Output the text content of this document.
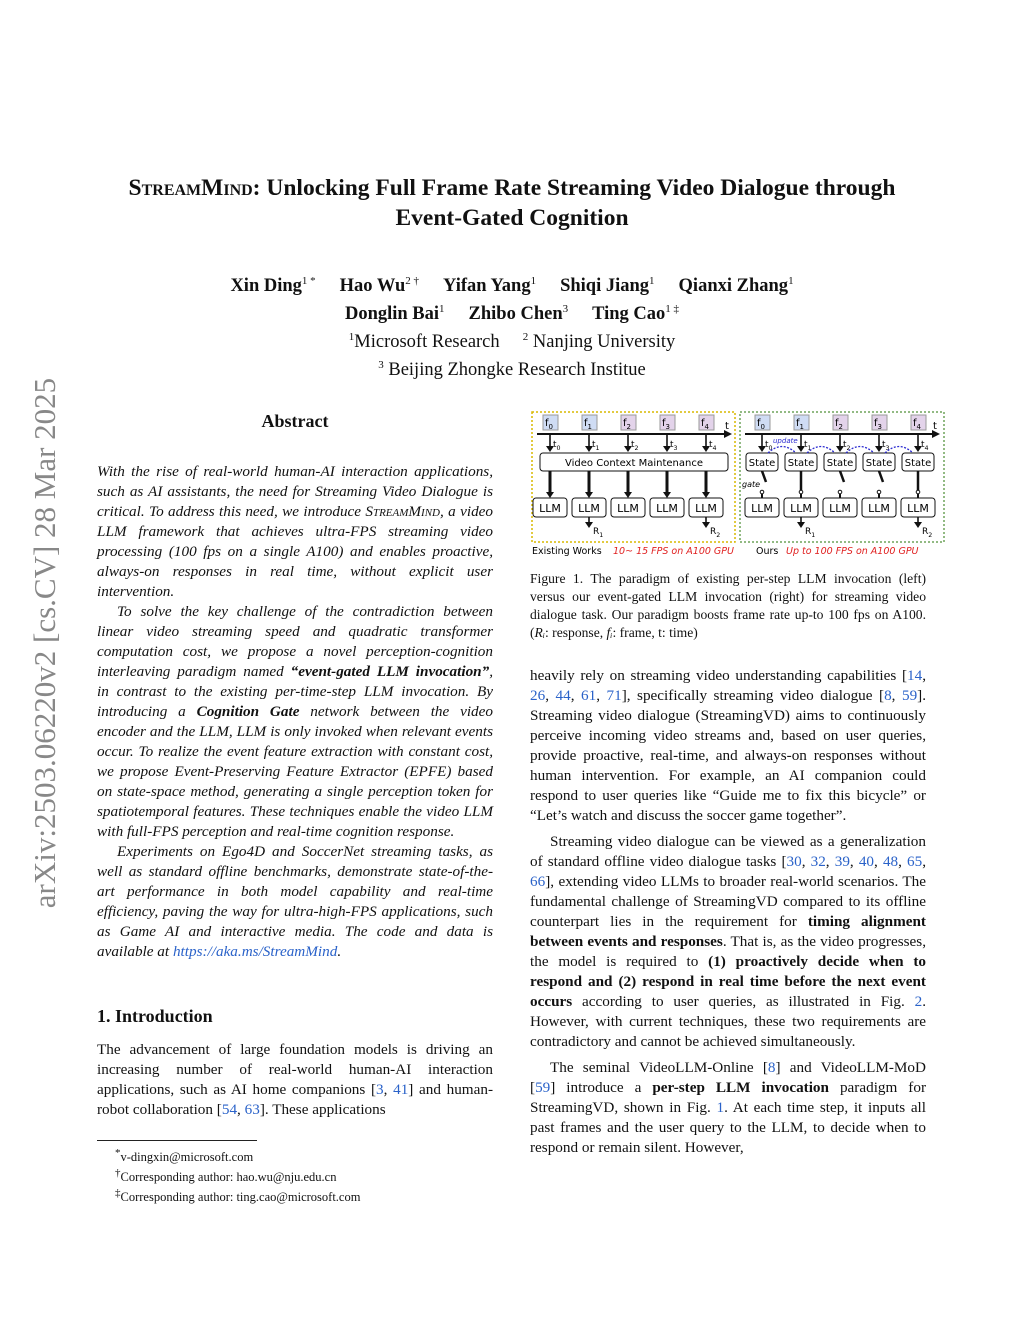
arXiv:2503.06220v2 [cs.CV] 28 Mar 2025
StreamMind: Unlocking Full Frame Rate Streaming Video Dialogue through
Event-Gated Cognition
Xin Ding$^{1 *}$ Hao $Wu^{2 \dagger}$ Yifan Yang$^1$ Shiqi Jiang$^1$ Qianxi Zhang$^1$
Donglin Bai$^1$ Zhibo Chen$^3$ Ting Cao$^{1 \ddagger}$
$^1$Microsoft Research $^2$ Nanjing University
$^3$ Beijing Zhongke Research Institue
Abstract

With the rise of real-world human-AI interaction applications, such as AI assistants, the need for Streaming Video Dialogue is critical. To address this need, we introduce StreamMind, a video LLM framework that achieves ultra-FPS streaming video processing (100 fps on a single A100) and enables proactive, always-on responses in real time, without explicit user intervention.

To solve the key challenge of the contradiction between linear video streaming speed and quadratic transformer computation cost, we propose a novel perception-cognition interleaving paradigm named “event-gated LLM invocation”, in contrast to the existing per-time-step LLM invocation. By introducing a Cognition Gate network between the video encoder and the LLM, LLM is only invoked when relevant events occur. To realize the event feature extraction with constant cost, we propose Event-Preserving Feature Extractor (EPFE) based on state-space method, generating a single perception token for spatiotemporal features. These techniques enable the video LLM with full-FPS perception and real-time cognition response.

Experiments on Ego4D and SoccerNet streaming tasks, as well as standard offline benchmarks, demonstrate state-of-the-art performance in both model capability and real-time efficiency, paving the way for ultra-high-FPS applications, such as Game AI and interactive media. The code and data is available at https://aka.ms/StreamMind.

1. Introduction

The advancement of large foundation models is driving an increasing number of real-world human-AI interaction applications, such as AI home companions [3, 41] and human-robot collaboration [54, 63]. These applications

*v-dingxin@microsoft.com
†Corresponding author: hao.wu@nju.edu.cn
‡Corresponding author: ting.cao@microsoft.com
t
$f_0$
$t_0$
$f_1$
$t_1$
$f_2$
$t_2$
$f_3$
$t_3$
$f_4$
$t_4$
Video Context Maintenance
LLM LLM LLM LLM LLM
$R_1$	$R_2$
t
$f_0$
$t_0$
$f_1$
$t_1$
$f_2$
$t_2$
$f_3$
$t_3$
$f_4$
$t_4$
State State State State State
update
gate
LLM LLM LLM LLM LLM
$R_1$	$R_2$
Existing Works 10~ 15 FPS on A100 GPU Ours Up to 100 FPS on A100 GPU
Figure 1. The paradigm of existing per-step LLM invocation (left) versus our event-gated LLM invocation (right) for streaming video dialogue task. Our paradigm boosts frame rate up-to 100 fps on A100. (Rᵢ: response, fᵢ: frame, t: time)

heavily rely on streaming video understanding capabilities [14, 26, 44, 61, 71], specifically streaming video dialogue [8, 59]. Streaming video dialogue (StreamingVD) aims to continuously perceive incoming video streams and, based on user queries, provide proactive, real-time, and always-on responses without human intervention. For example, an AI companion could respond to user queries like “Guide me to fix this bicycle” or “Let’s watch and discuss the soccer game together”.

Streaming video dialogue can be viewed as a generalization of standard offline video dialogue tasks [30, 32, 39, 40, 48, 65, 66], extending video LLMs to broader real-world scenarios. The fundamental challenge of StreamingVD compared to its offline counterpart lies in the requirement for timing alignment between events and responses. That is, as the video progresses, the model is required to (1) proactively decide when to respond and (2) respond in real time before the next event occurs according to user queries, as illustrated in Fig. 2. However, with current techniques, these two requirements are contradictory and cannot be achieved simultaneously.

The seminal VideoLLM-Online [8] and VideoLLM-MoD [59] introduce a per-step LLM invocation paradigm for StreamingVD, shown in Fig. 1. At each time step, it inputs all past frames and the user query to the LLM, to decide when to respond or remain silent. However,
